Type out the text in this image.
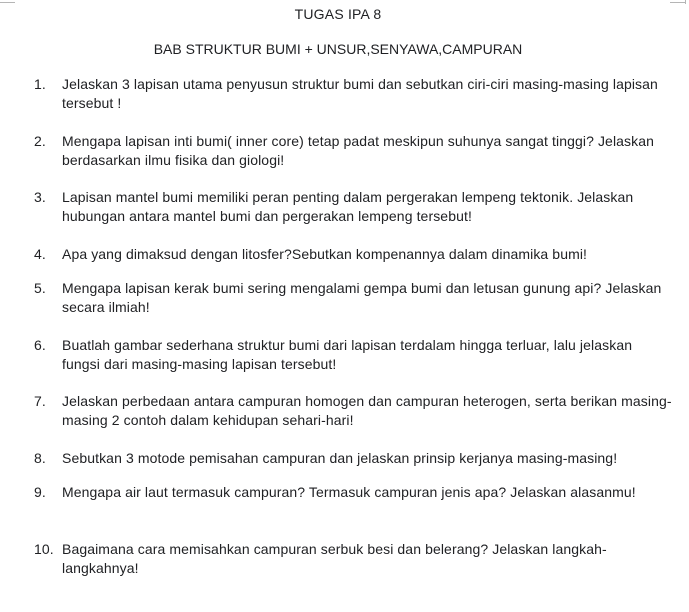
TUGAS IPA 8
BAB STRUKTUR BUMI + UNSUR,SENYAWA,CAMPURAN
1.	Jelaskan 3 lapisan utama penyusun struktur bumi dan sebutkan ciri-ciri masing-masing lapisan tersebut !
2.	Mengapa lapisan inti bumi( inner core) tetap padat meskipun suhunya sangat tinggi? Jelaskan berdasarkan ilmu fisika dan giologi!
3.	Lapisan mantel bumi memiliki peran penting dalam pergerakan lempeng tektonik. Jelaskan hubungan antara mantel bumi dan pergerakan lempeng tersebut!
4.	Apa yang dimaksud dengan litosfer?Sebutkan kompenannya dalam dinamika bumi!
5.	Mengapa lapisan kerak bumi sering mengalami gempa bumi dan letusan gunung api? Jelaskan secara ilmiah!
6.	Buatlah gambar sederhana struktur bumi dari lapisan terdalam hingga terluar, lalu jelaskan fungsi dari masing-masing lapisan tersebut!
7.	Jelaskan perbedaan antara campuran homogen dan campuran heterogen, serta berikan masing-masing 2 contoh dalam kehidupan sehari-hari!
8.	Sebutkan 3 motode pemisahan campuran dan jelaskan prinsip kerjanya masing-masing!
9.	Mengapa air laut termasuk campuran? Termasuk campuran jenis apa? Jelaskan alasanmu!
10. Bagaimana cara memisahkan campuran serbuk besi dan belerang? Jelaskan langkah-langkahnya!
